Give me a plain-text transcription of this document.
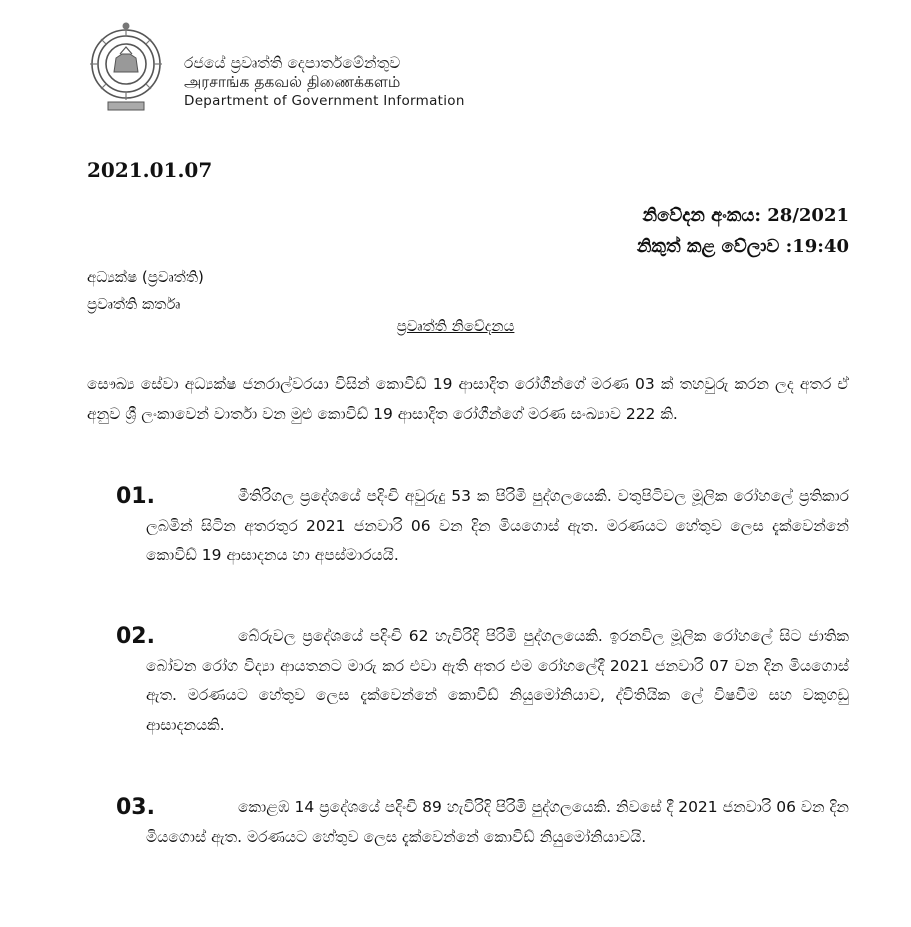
රජයේ ප්‍රවෘත්ති දෙපාර්තමේන්තුව
அரசாங்க தகவல் திணைக்களம்
Department of Government Information
2021.01.07
නිවේදන අංකය: 28/2021
නිකුත් කළ වේලාව :19:40
අධ්‍යක්ෂ (ප්‍රවෘත්ති)
ප්‍රවෘත්ති කර්තෘ
ප්‍රවෘත්ති නිවේදනය
සෞඛ්‍ය සේවා අධ්‍යක්ෂ ජනරාල්වරයා විසින් කොවිඩ් 19 ආසාදිත රෝගීන්ගේ මරණ 03 ක් තහවුරු කරන ලද අතර ඒ අනුව ශ්‍රී ලංකාවෙන් වාර්තා වන මුළු කොවිඩ් 19 ආසාදිත රෝගීන්ගේ මරණ සංඛ්‍යාව 222 කි.
01.	මීතිරිගල ප්‍රදේශයේ පදිංචි අවුරුදු 53 ක පිරිමි පුද්ගලයෙකි. වතුපිටිවල මූලික රෝහලේ ප්‍රතිකාර ලබමින් සිටින අතරතුර 2021 ජනවාරි 06 වන දින මියගොස් ඇත. මරණයට හේතුව ලෙස දැක්වෙන්නේ කොවිඩ් 19 ආසාදනය හා අපස්මාරයයි.
02.	බේරුවල ප්‍රදේශයේ පදිංචි 62 හැවිරිදි පිරිමි පුද්ගලයෙකි. ඉරනවිල මූලික රෝහලේ සිට ජාතික බෝවන රෝග විද්‍යා ආයතනට මාරු කර එවා ඇති අතර එම රෝහලේදී 2021 ජනවාරි 07 වන දින මියගොස් ඇත. මරණයට හේතුව ලෙස දැක්වෙන්නේ කොවිඩ් නියුමෝනියාව, ද්විතියික ලේ විෂවීම සහ වකුගඩු ආසාදනයකි.
03.	කොළඹ 14 ප්‍රදේශයේ පදිංචි 89 හැවිරිදි පිරිමි පුද්ගලයෙකි. නිවසේ දී 2021 ජනවාරි 06 වන දින මියගොස් ඇත. මරණයට හේතුව ලෙස දැක්වෙන්නේ කොවිඩ් නියුමෝනියාවයි.
